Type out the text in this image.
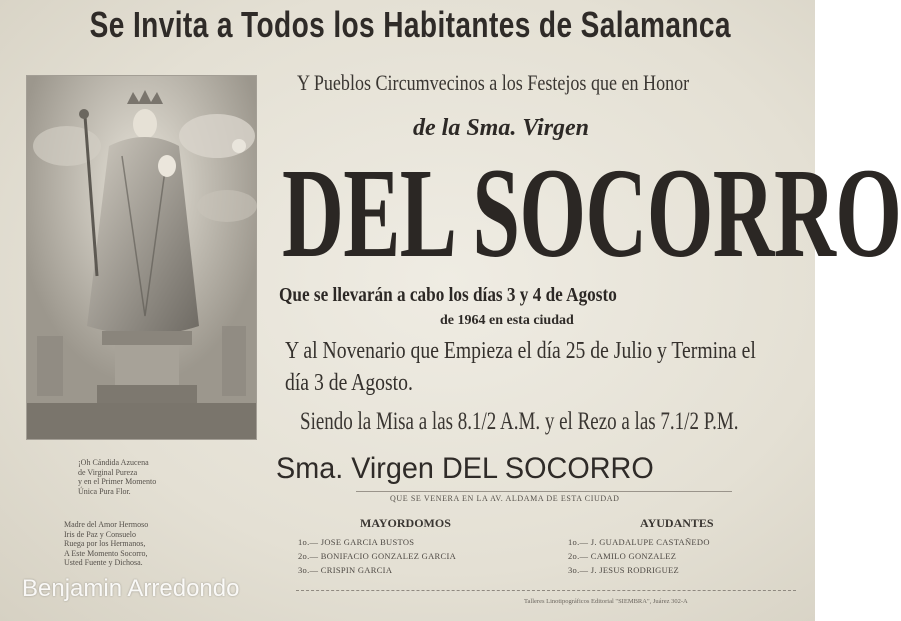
Se Invita a Todos los Habitantes de Salamanca
Y Pueblos Circumvecinos a los Festejos que en Honor
de la Sma. Virgen
DEL SOCORRO
Que se llevarán a cabo los días 3 y 4 de Agosto
de 1964 en esta ciudad
Y al Novenario que Empieza el día 25 de Julio y Termina el
día 3 de Agosto.
Siendo la Misa a las 8.1/2 A.M. y el Rezo a las 7.1/2 P.M.
Sma. Virgen DEL SOCORRO
QUE SE VENERA EN LA AV. ALDAMA DE ESTA CIUDAD
MAYORDOMOS
1o.— JOSE GARCIA BUSTOS
2o.— BONIFACIO GONZALEZ GARCIA
3o.— CRISPIN GARCIA
AYUDANTES
1o.— J. GUADALUPE CASTAÑEDO
2o.— CAMILO GONZALEZ
3o.— J. JESUS RODRIGUEZ
Talleres Linotipográficos Editorial "SIEMBRA", Juárez 302-A
¡Oh Cándida Azucena
de Virginal Pureza
y en el Primer Momento
Única Pura Flor.
Madre del Amor Hermoso
Iris de Paz y Consuelo
Ruega por los Hermanos,
A Este Momento Socorro,
Usted Fuente y Dichosa.
Benjamin Arredondo
